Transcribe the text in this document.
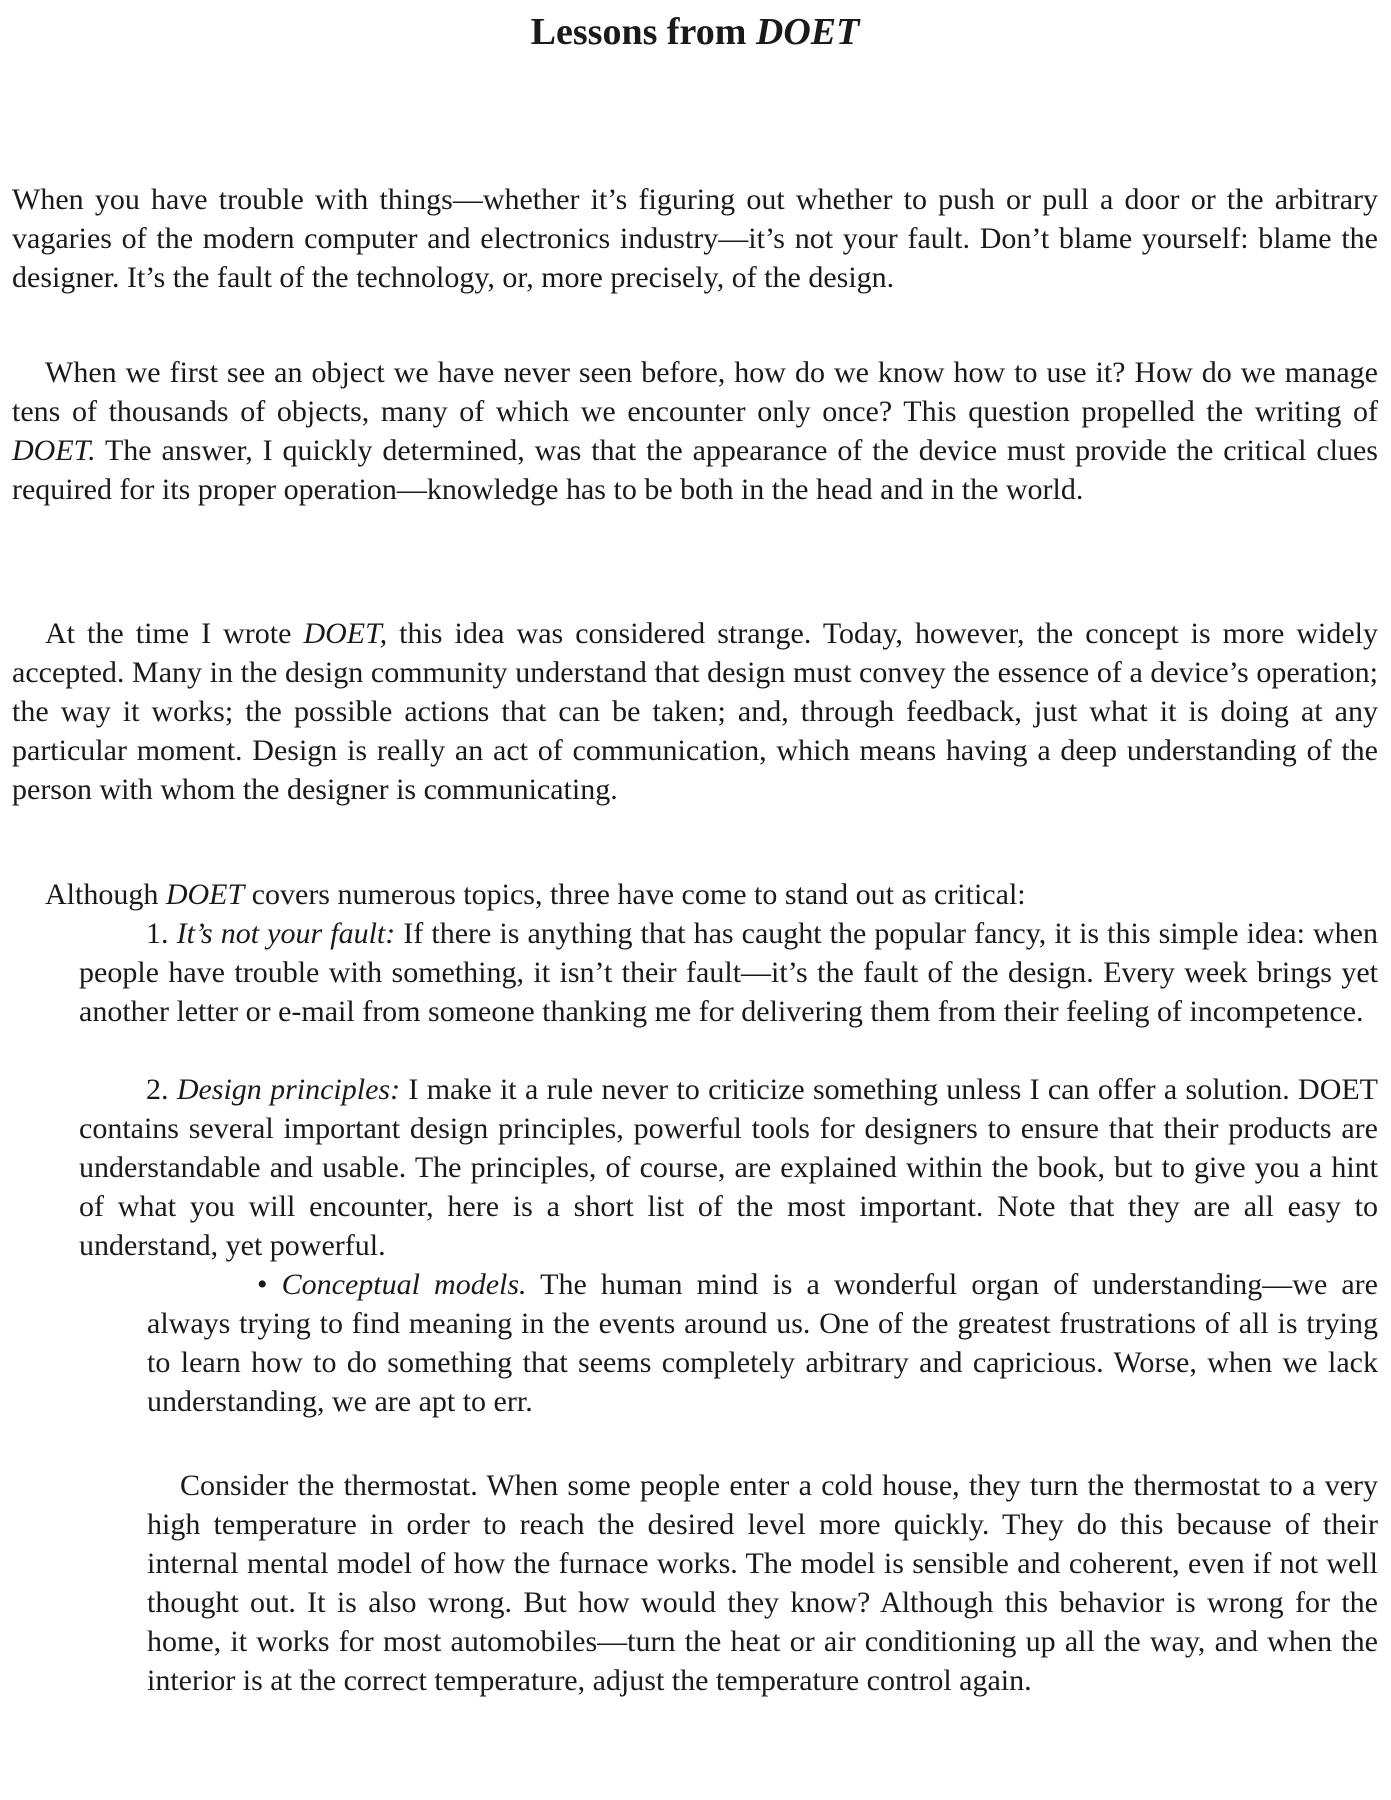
Lessons from DOET

When you have trouble with things—whether it’s figuring out whether to push or pull a door or the arbitrary vagaries of the modern computer and electronics industry—it’s not your fault. Don’t blame yourself: blame the designer. It’s the fault of the technology, or, more precisely, of the design.

When we first see an object we have never seen before, how do we know how to use it? How do we manage tens of thousands of objects, many of which we encounter only once? This question propelled the writing of DOET. The answer, I quickly determined, was that the appearance of the device must provide the critical clues required for its proper operation—knowledge has to be both in the head and in the world.

At the time I wrote DOET, this idea was considered strange. Today, however, the concept is more widely accepted. Many in the design community understand that design must convey the essence of a device’s operation; the way it works; the possible actions that can be taken; and, through feedback, just what it is doing at any particular moment. Design is really an act of communication, which means having a deep understanding of the person with whom the designer is communicating.

Although DOET covers numerous topics, three have come to stand out as critical:

1. It’s not your fault: If there is anything that has caught the popular fancy, it is this simple idea: when people have trouble with something, it isn’t their fault—it’s the fault of the design. Every week brings yet another letter or e-mail from someone thanking me for delivering them from their feeling of incompetence.

2. Design principles: I make it a rule never to criticize something unless I can offer a solution. DOET contains several important design principles, powerful tools for designers to ensure that their products are understandable and usable. The principles, of course, are explained within the book, but to give you a hint of what you will encounter, here is a short list of the most important. Note that they are all easy to understand, yet powerful.

• Conceptual models. The human mind is a wonderful organ of understanding—we are always trying to find meaning in the events around us. One of the greatest frustrations of all is trying to learn how to do something that seems completely arbitrary and capricious. Worse, when we lack understanding, we are apt to err.

Consider the thermostat. When some people enter a cold house, they turn the thermostat to a very high temperature in order to reach the desired level more quickly. They do this because of their internal mental model of how the furnace works. The model is sensible and coherent, even if not well thought out. It is also wrong. But how would they know? Although this behavior is wrong for the home, it works for most automobiles—turn the heat or air conditioning up all the way, and when the interior is at the correct temperature, adjust the temperature control again.
